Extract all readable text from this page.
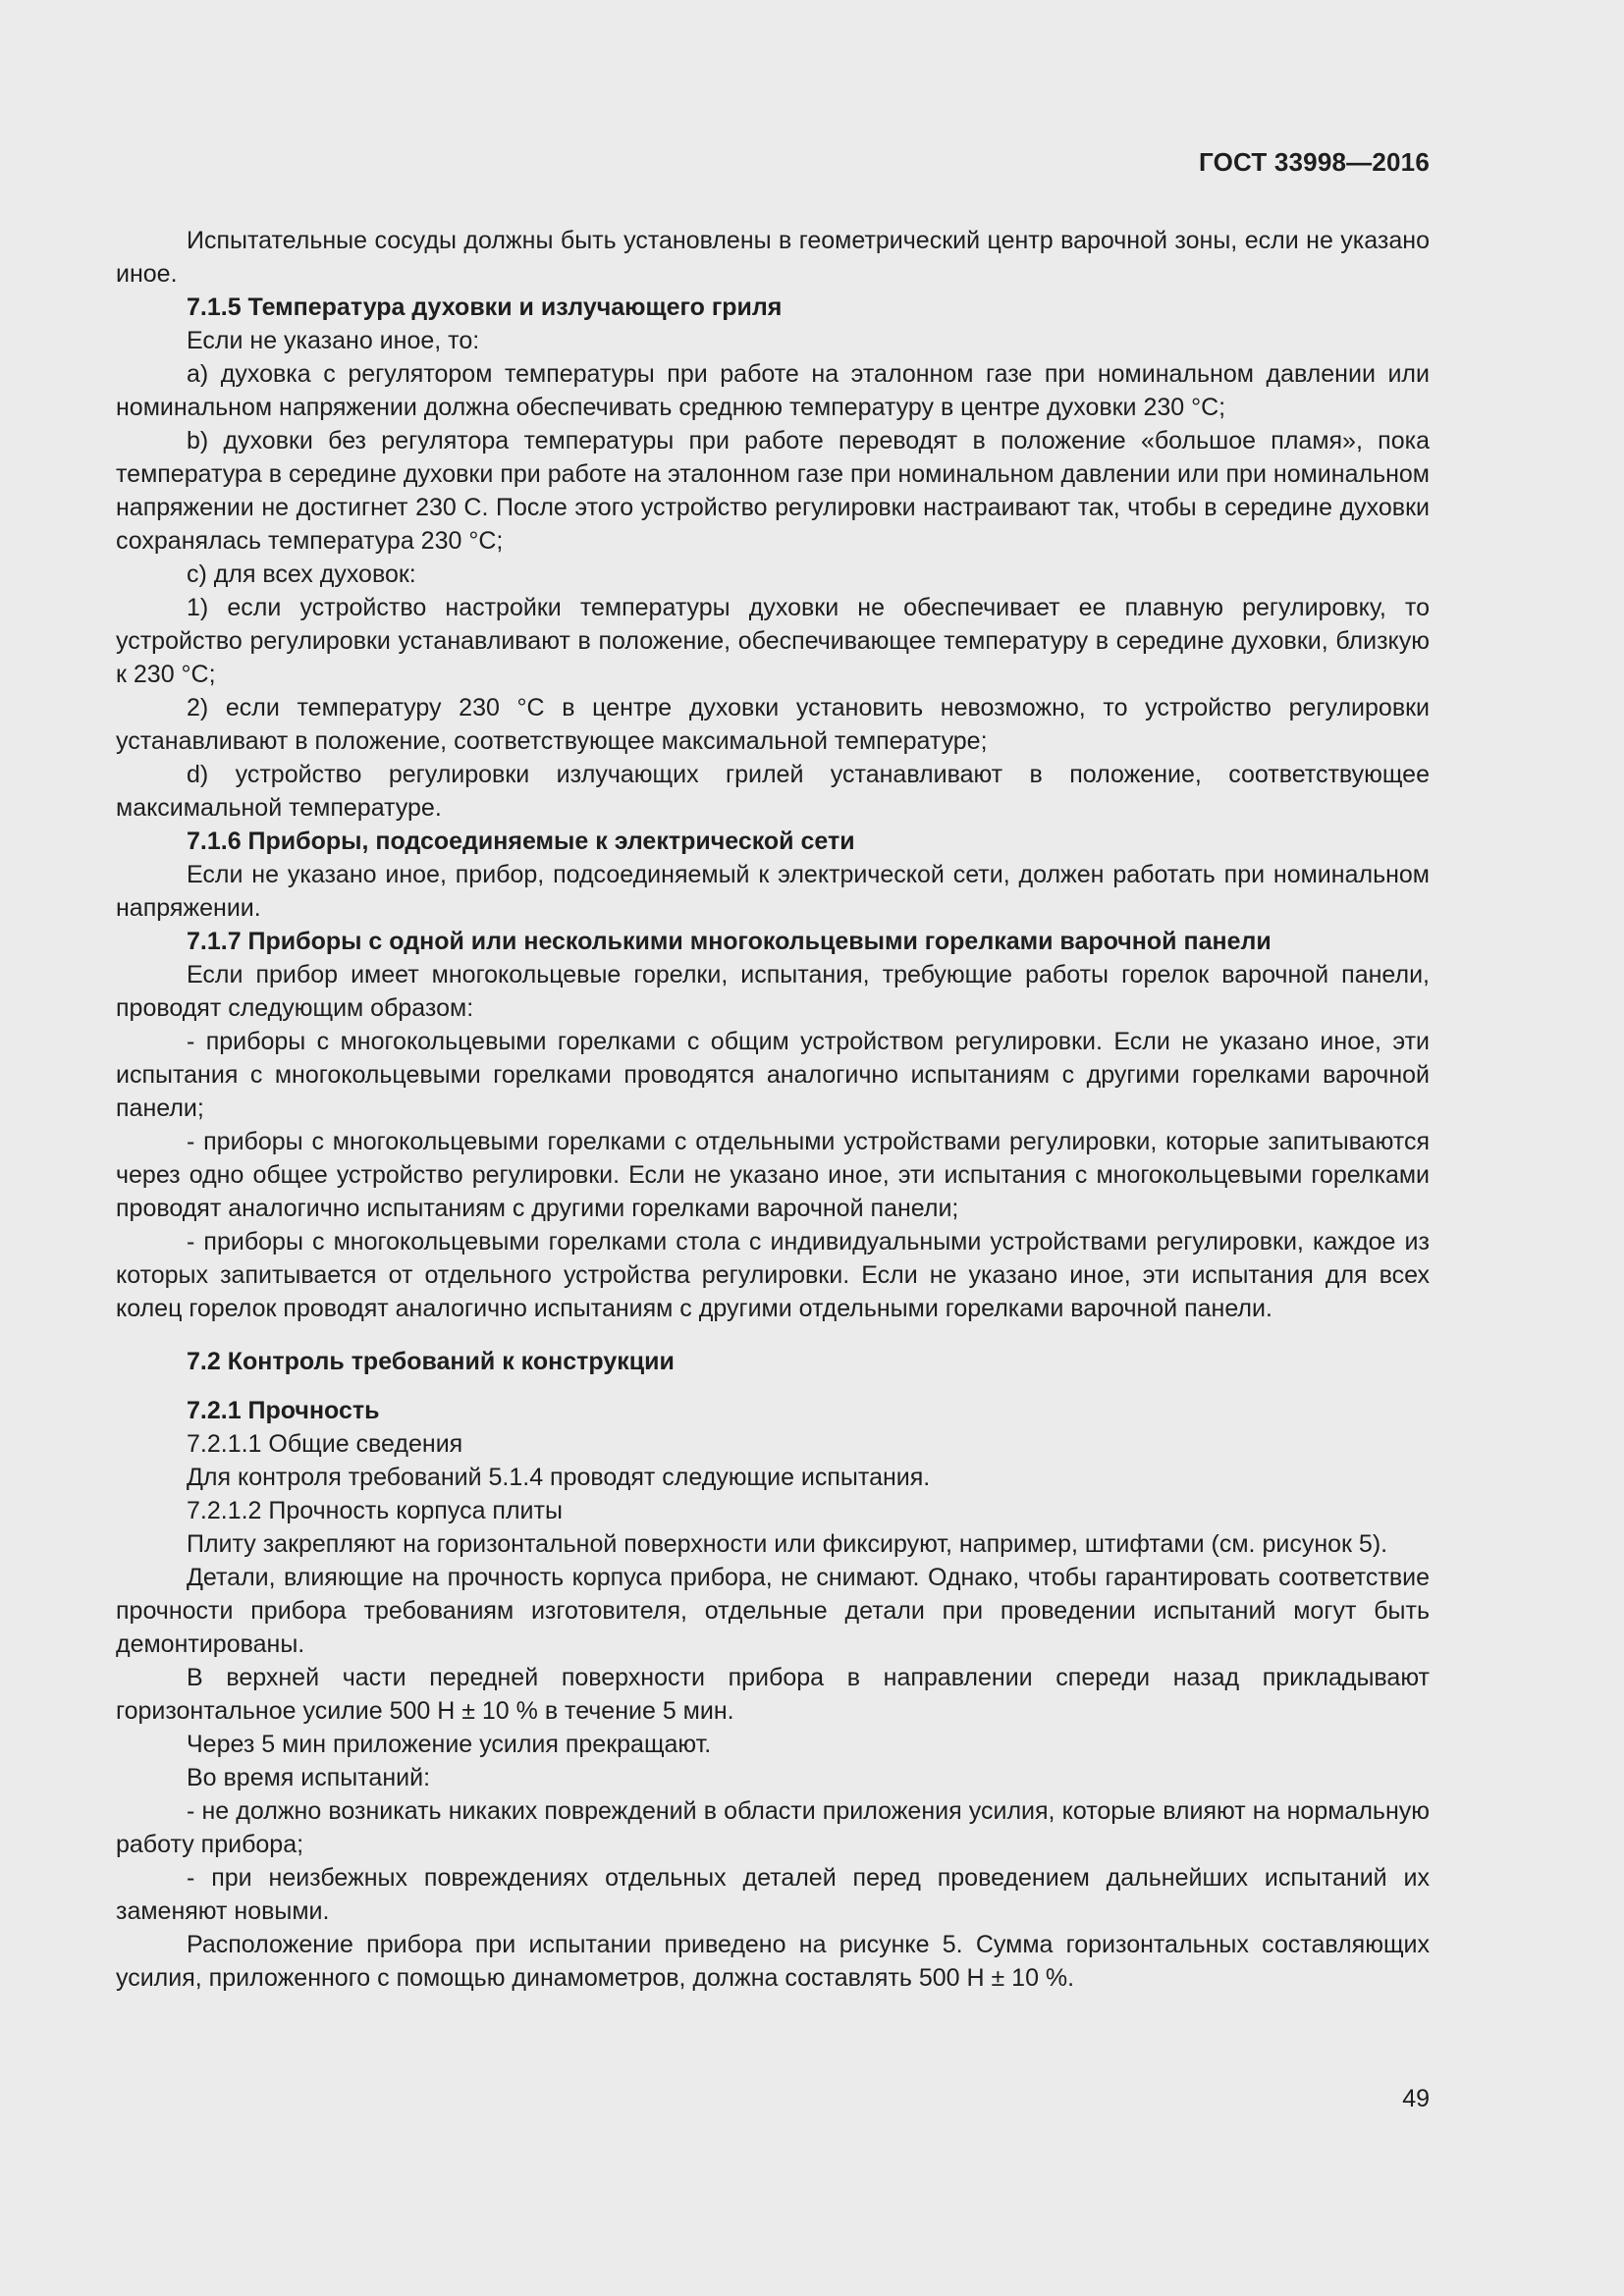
ГОСТ 33998—2016

Испытательные сосуды должны быть установлены в геометрический центр варочной зоны, если не указано иное.

7.1.5 Температура духовки и излучающего гриля

Если не указано иное, то:

a) духовка с регулятором температуры при работе на эталонном газе при номинальном давлении или номинальном напряжении должна обеспечивать среднюю температуру в центре духовки 230 °C;

b) духовки без регулятора температуры при работе переводят в положение «большое пламя», пока температура в середине духовки при работе на эталонном газе при номинальном давлении или при номинальном напряжении не достигнет 230 С. После этого устройство регулировки настраивают так, чтобы в середине духовки сохранялась температура 230 °C;

c) для всех духовок:

1) если устройство настройки температуры духовки не обеспечивает ее плавную регулировку, то устройство регулировки устанавливают в положение, обеспечивающее температуру в середине духовки, близкую к 230 °C;

2) если температуру 230 °C в центре духовки установить невозможно, то устройство регулировки устанавливают в положение, соответствующее максимальной температуре;

d) устройство регулировки излучающих грилей устанавливают в положение, соответствующее максимальной температуре.

7.1.6 Приборы, подсоединяемые к электрической сети

Если не указано иное, прибор, подсоединяемый к электрической сети, должен работать при номинальном напряжении.

7.1.7 Приборы с одной или несколькими многокольцевыми горелками варочной панели

Если прибор имеет многокольцевые горелки, испытания, требующие работы горелок варочной панели, проводят следующим образом:

- приборы с многокольцевыми горелками с общим устройством регулировки. Если не указано иное, эти испытания с многокольцевыми горелками проводятся аналогично испытаниям с другими горелками варочной панели;

- приборы с многокольцевыми горелками с отдельными устройствами регулировки, которые запитываются через одно общее устройство регулировки. Если не указано иное, эти испытания с многокольцевыми горелками проводят аналогично испытаниям с другими горелками варочной панели;

- приборы с многокольцевыми горелками стола с индивидуальными устройствами регулировки, каждое из которых запитывается от отдельного устройства регулировки. Если не указано иное, эти испытания для всех колец горелок проводят аналогично испытаниям с другими отдельными горелками варочной панели.

7.2 Контроль требований к конструкции

7.2.1 Прочность

7.2.1.1 Общие сведения

Для контроля требований 5.1.4 проводят следующие испытания.

7.2.1.2 Прочность корпуса плиты

Плиту закрепляют на горизонтальной поверхности или фиксируют, например, штифтами (см. рисунок 5).

Детали, влияющие на прочность корпуса прибора, не снимают. Однако, чтобы гарантировать соответствие прочности прибора требованиям изготовителя, отдельные детали при проведении испытаний могут быть демонтированы.

В верхней части передней поверхности прибора в направлении спереди назад прикладывают горизонтальное усилие 500 Н ± 10 % в течение 5 мин.

Через 5 мин приложение усилия прекращают.

Во время испытаний:

- не должно возникать никаких повреждений в области приложения усилия, которые влияют на нормальную работу прибора;

- при неизбежных повреждениях отдельных деталей перед проведением дальнейших испытаний их заменяют новыми.

Расположение прибора при испытании приведено на рисунке 5. Сумма горизонтальных составляющих усилия, приложенного с помощью динамометров, должна составлять 500 Н ± 10 %.

49
